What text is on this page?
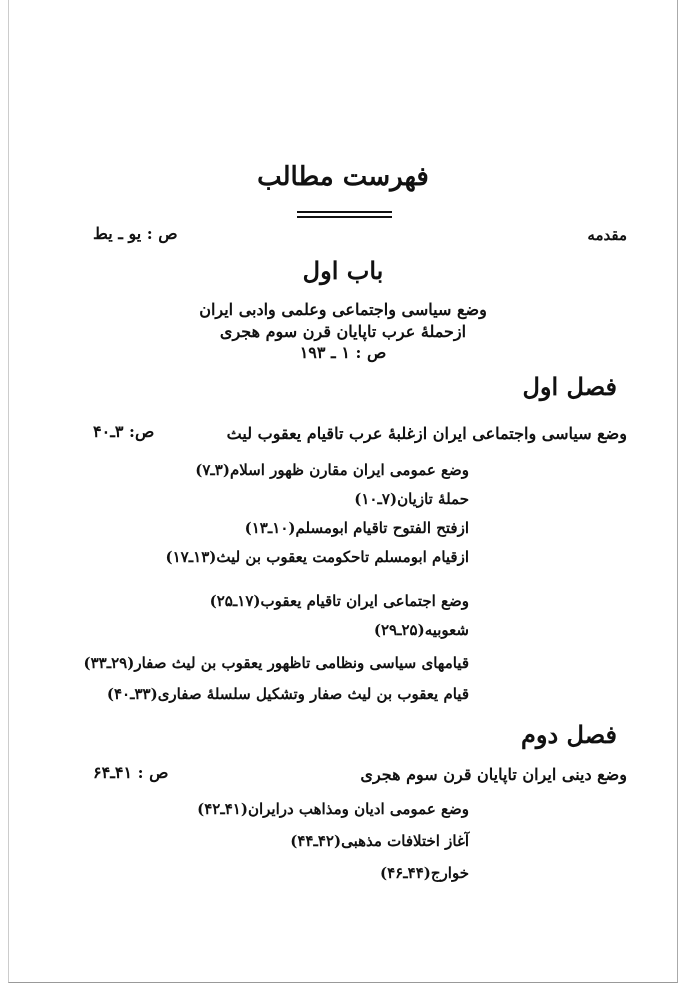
فهرست مطالب
مقدمه
ص : یو ـ یط
باب اول
وضع سیاسی واجتماعی وعلمی وادبی ایران
ازحملهٔ عرب تاپایان قرن سوم هجری
ص : ۱ ـ ۱۹۳
فصل اول
وضع سیاسی واجتماعی ایران ازغلبهٔ عرب تاقیام یعقوب لیث
ص: ۳ـ۴۰
وضع عمومی ایران مقارن ظهور اسلام(۳ـ۷)
حملهٔ تازیان(۷ـ۱۰)
ازفتح الفتوح تاقیام ابومسلم(۱۰ـ۱۳)
ازقیام ابومسلم تاحکومت یعقوب بن لیث(۱۳ـ۱۷)
وضع اجتماعی ایران تاقیام یعقوب(۱۷ـ۲۵)
شعوبیه(۲۵ـ۲۹)
قیامهای سیاسی ونظامی تاظهور یعقوب بن لیث صفار(۲۹ـ۳۳)
قیام یعقوب بن لیث صفار وتشکیل سلسلهٔ صفاری(۳۳ـ۴۰)
فصل دوم
وضع دینی ایران تاپایان قرن سوم هجری
ص : ۴۱ـ۶۴
وضع عمومی ادیان ومذاهب درایران(۴۱ـ۴۲)
آغاز اختلافات مذهبی(۴۲ـ۴۴)
خوارج(۴۴ـ۴۶)
